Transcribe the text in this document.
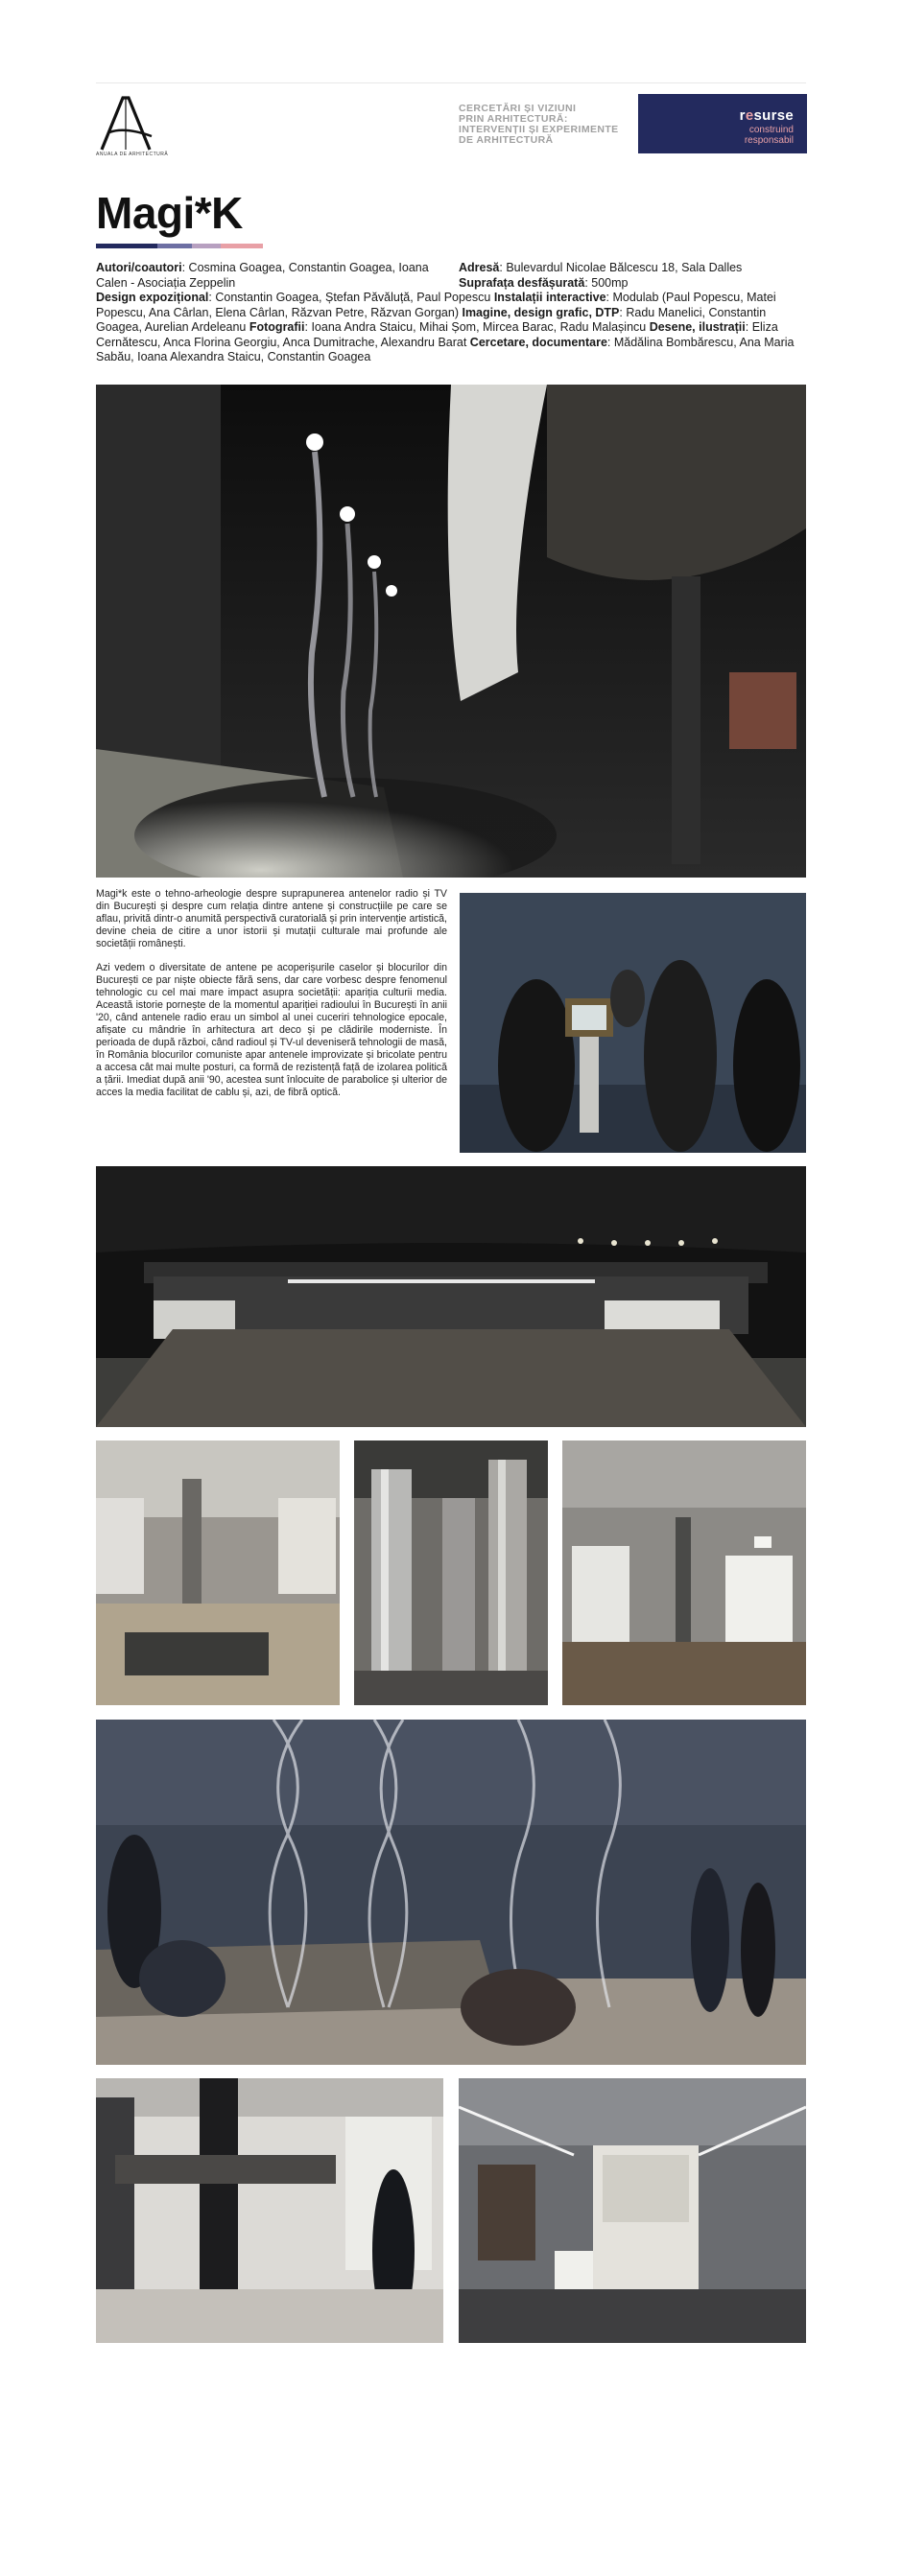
ANUALA DE ARHITECTURĂ
CERCETĂRI ȘI VIZIUNI
PRIN ARHITECTURĂ:
INTERVENȚII ȘI EXPERIMENTE
DE ARHITECTURĂ
resurse
construind
responsabil
Magi*K
Autori/coautori: Cosmina Goagea, Constantin Goagea, Ioana Calen - Asociația Zeppelin
Adresă: Bulevardul Nicolae Bălcescu 18, Sala Dalles
Suprafața desfășurată: 500mp
Design expozițional: Constantin Goagea, Ștefan Păvăluță, Paul Popescu Instalații interactive: Modulab (Paul Popescu, Matei Popescu, Ana Cârlan, Elena Cârlan, Răzvan Petre, Răzvan Gorgan) Imagine, design grafic, DTP: Radu Manelici, Constantin Goagea, Aurelian Ardeleanu Fotografii: Ioana Andra Staicu, Mihai Șom, Mircea Barac, Radu Malașincu Desene, ilustrații: Eliza Cernătescu, Anca Florina Georgiu, Anca Dumitrache, Alexandru Barat Cercetare, documentare: Mădălina Bombărescu, Ana Maria Sabău, Ioana Alexandra Staicu, Constantin Goagea

Magi*k este o tehno-arheologie despre suprapunerea antenelor radio și TV din București și despre cum relația dintre antene și construcțiile pe care se aflau, privită dintr-o anumită perspectivă curatorială și prin intervenție artistică, devine cheia de citire a unor istorii și mutații culturale mai profunde ale societății românești.

Azi vedem o diversitate de antene pe acoperișurile caselor și blocurilor din București ce par niște obiecte fără sens, dar care vorbesc despre fenomenul tehnologic cu cel mai mare impact asupra societății: apariția culturii media. Această istorie pornește de la momentul apariției radioului în București în anii '20, când antenele radio erau un simbol al unei cuceriri tehnologice epocale, afișate cu mândrie în arhitectura art deco și pe clădirile moderniste. În perioada de după război, când radioul și TV-ul deveniseră tehnologii de masă, în România blocurilor comuniste apar antenele improvizate și bricolate pentru a accesa cât mai multe posturi, ca formă de rezistență față de izolarea politică a țării. Imediat după anii '90, acestea sunt înlocuite de parabolice și ulterior de acces la media facilitat de cablu și, azi, de fibră optică.
